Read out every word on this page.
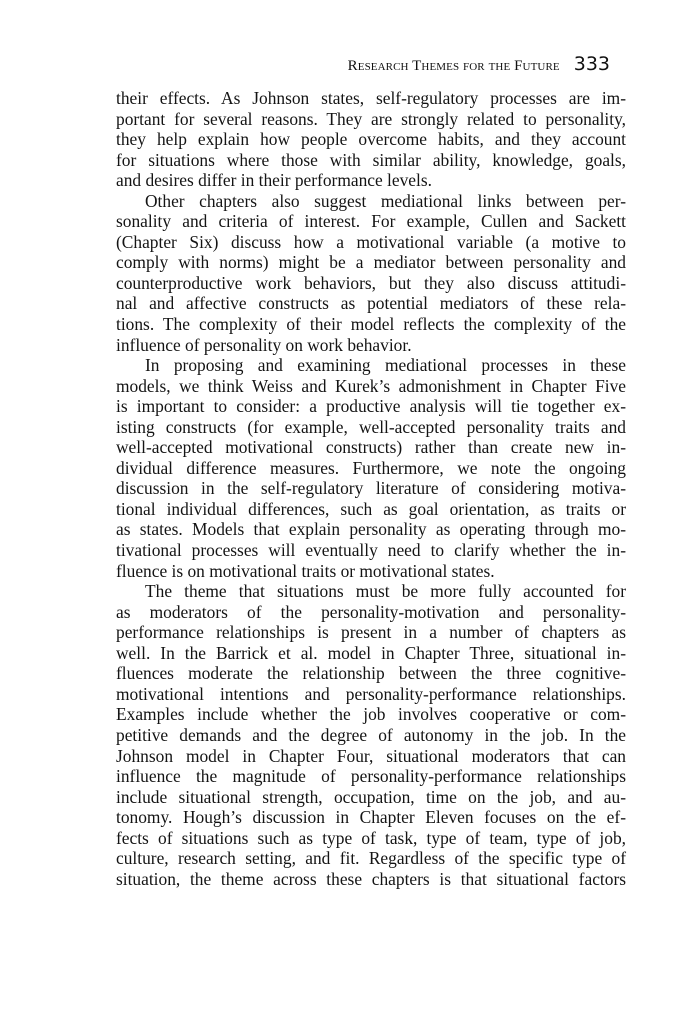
Research Themes for the Future 333
their effects. As Johnson states, self-regulatory processes are im-
portant for several reasons. They are strongly related to personality,
they help explain how people overcome habits, and they account
for situations where those with similar ability, knowledge, goals,
and desires differ in their performance levels.
Other chapters also suggest mediational links between per-
sonality and criteria of interest. For example, Cullen and Sackett
(Chapter Six) discuss how a motivational variable (a motive to
comply with norms) might be a mediator between personality and
counterproductive work behaviors, but they also discuss attitudi-
nal and affective constructs as potential mediators of these rela-
tions. The complexity of their model reflects the complexity of the
influence of personality on work behavior.
In proposing and examining mediational processes in these
models, we think Weiss and Kurek’s admonishment in Chapter Five
is important to consider: a productive analysis will tie together ex-
isting constructs (for example, well-accepted personality traits and
well-accepted motivational constructs) rather than create new in-
dividual difference measures. Furthermore, we note the ongoing
discussion in the self-regulatory literature of considering motiva-
tional individual differences, such as goal orientation, as traits or
as states. Models that explain personality as operating through mo-
tivational processes will eventually need to clarify whether the in-
fluence is on motivational traits or motivational states.
The theme that situations must be more fully accounted for
as moderators of the personality-motivation and personality-
performance relationships is present in a number of chapters as
well. In the Barrick et al. model in Chapter Three, situational in-
fluences moderate the relationship between the three cognitive-
motivational intentions and personality-performance relationships.
Examples include whether the job involves cooperative or com-
petitive demands and the degree of autonomy in the job. In the
Johnson model in Chapter Four, situational moderators that can
influence the magnitude of personality-performance relationships
include situational strength, occupation, time on the job, and au-
tonomy. Hough’s discussion in Chapter Eleven focuses on the ef-
fects of situations such as type of task, type of team, type of job,
culture, research setting, and fit. Regardless of the specific type of
situation, the theme across these chapters is that situational factors
